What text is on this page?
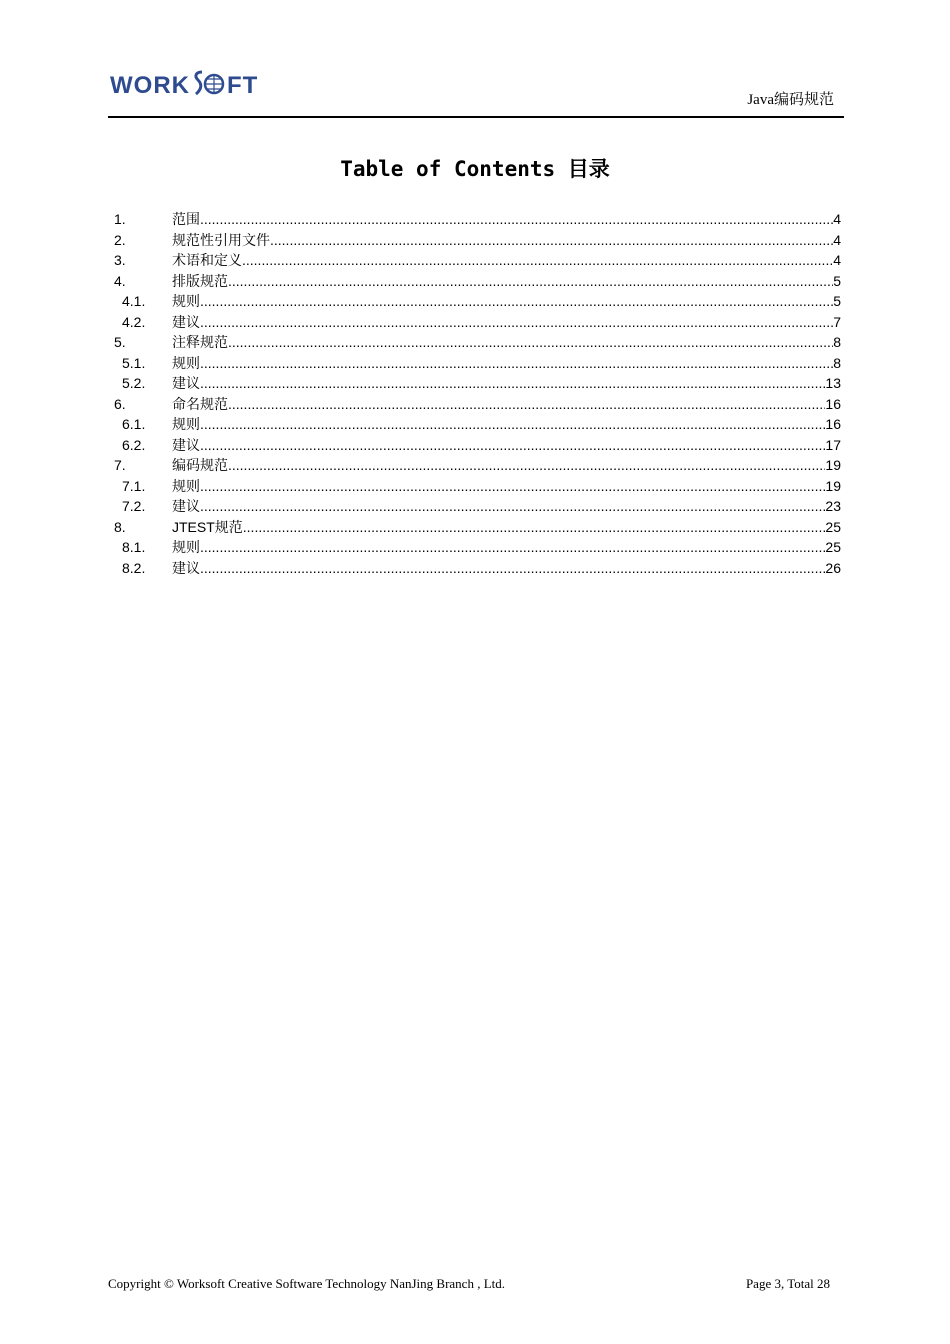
WORK FT
Java编码规范
Table of Contents 目录
1.	范围 .....	4
2.	规范性引用文件 .....	4
3.	术语和定义 .....	4
4.	排版规范 .....	5
4.1.	规则 .....	5
4.2.	建议 .....	7
5.	注释规范 .....	8
5.1.	规则 .....	8
5.2.	建议 .....	13
6.	命名规范 .....	16
6.1.	规则 .....	16
6.2.	建议 .....	17
7.	编码规范 .....	19
7.1.	规则 .....	19
7.2.	建议 .....	23
8.	JTEST规范 .....	25
8.1.	规则 .....	25
8.2.	建议 .....	26
Copyright © Worksoft Creative Software Technology NanJing Branch , Ltd.	Page 3, Total 28
